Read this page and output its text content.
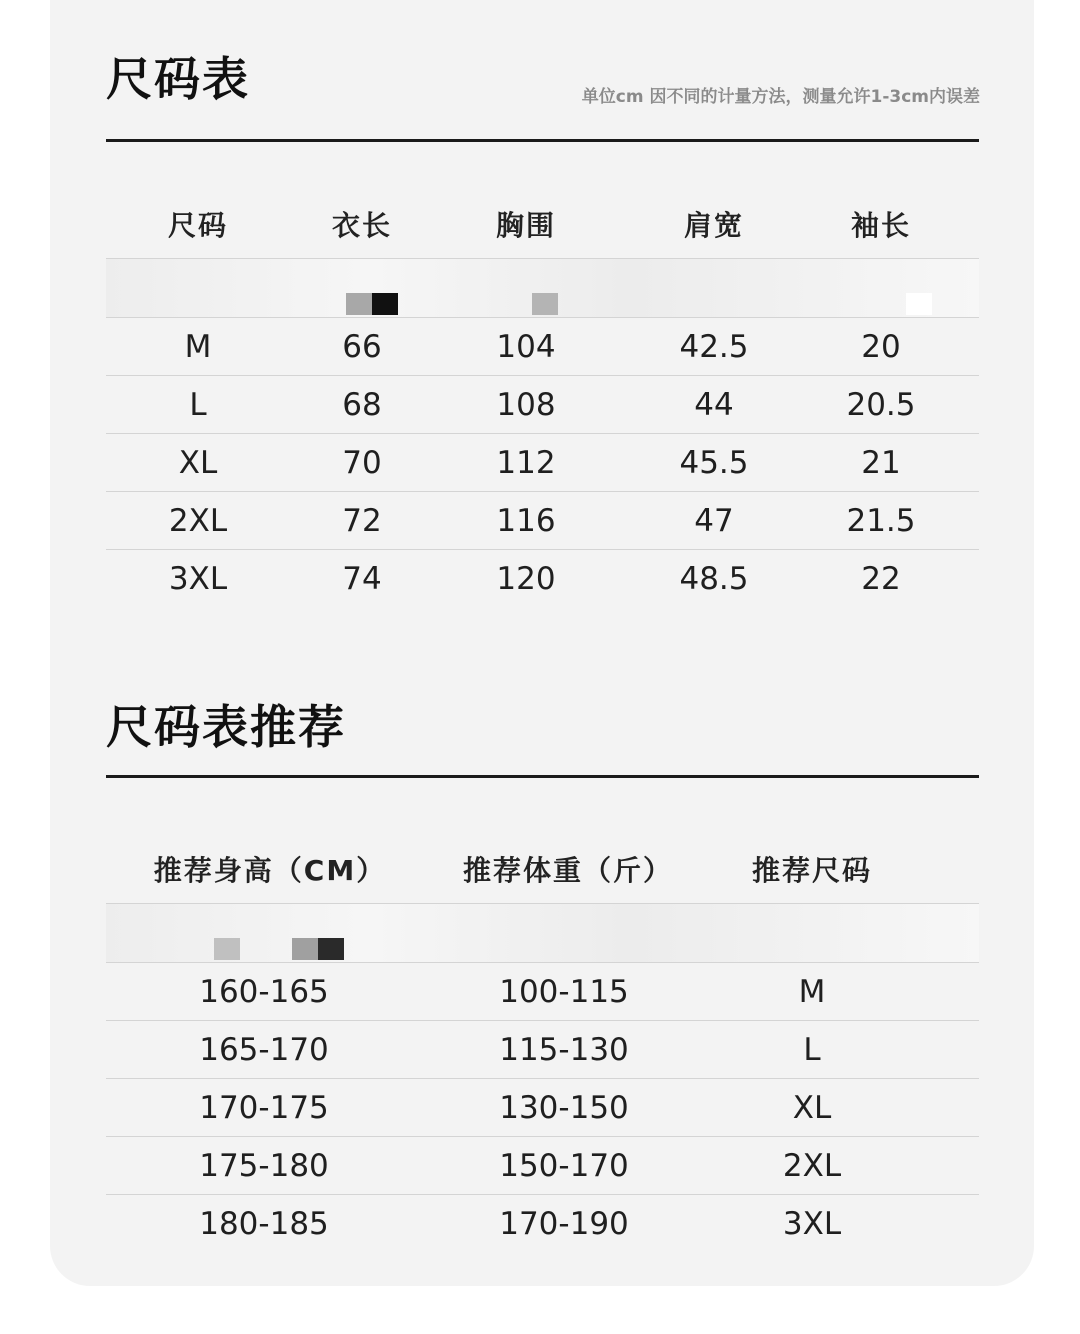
尺码表	单位cm 因不同的计量方法，测量允许1-3cm内误差
尺码	衣长	胸围	肩宽	袖长
M	66	104	42.5	20
L	68	108	44	20.5
XL	70	112	45.5	21
2XL	72	116	47	21.5
3XL	74	120	48.5	22
尺码表推荐
推荐身高（CM）	推荐体重（斤）	推荐尺码
160-165	100-115	M
165-170	115-130	L
170-175	130-150	XL
175-180	150-170	2XL
180-185	170-190	3XL
